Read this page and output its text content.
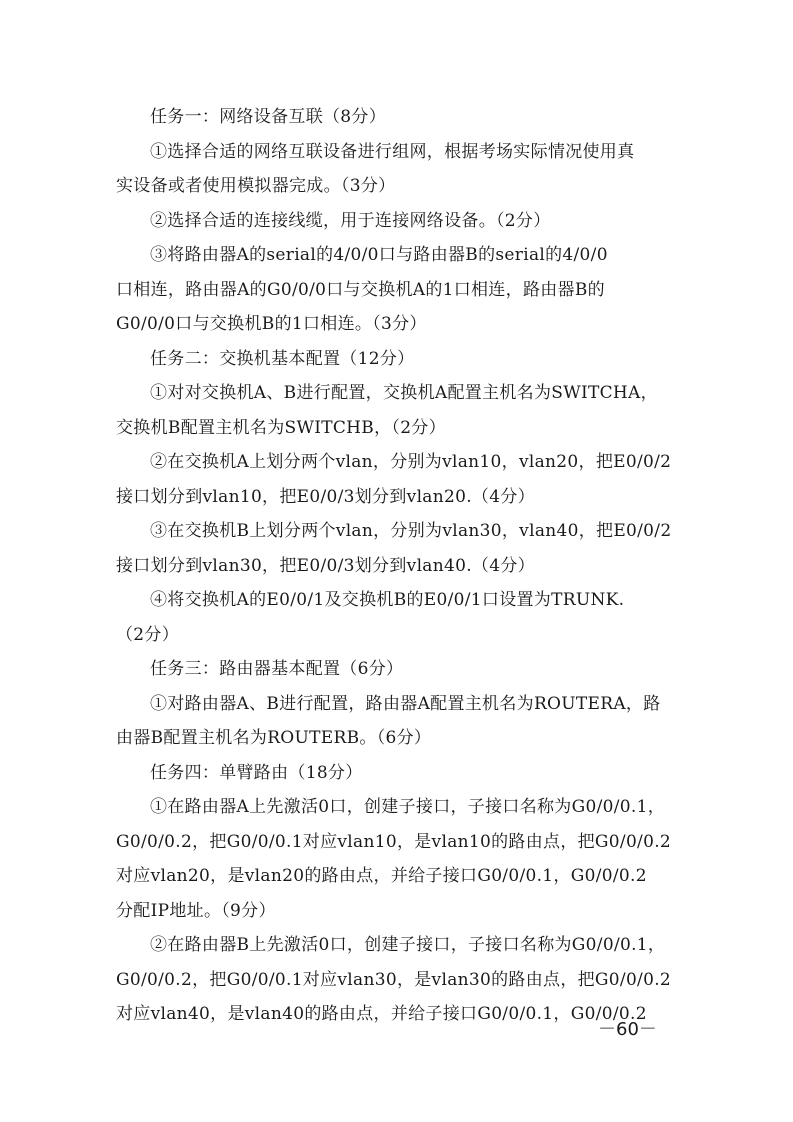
任务一：网络设备互联（8分）
①选择合适的网络互联设备进行组网，根据考场实际情况使用真
实设备或者使用模拟器完成。（3分）
②选择合适的连接线缆，用于连接网络设备。（2分）
③将路由器A的serial的4/0/0口与路由器B的serial的4/0/0
口相连，路由器A的G0/0/0口与交换机A的1口相连，路由器B的
G0/0/0口与交换机B的1口相连。（3分）
任务二：交换机基本配置（12分）
①对对交换机A、B进行配置，交换机A配置主机名为SWITCHA，
交换机B配置主机名为SWITCHB，（2分）
②在交换机A上划分两个vlan，分别为vlan10，vlan20，把E0/0/2
接口划分到vlan10，把E0/0/3划分到vlan20.（4分）
③在交换机B上划分两个vlan，分别为vlan30，vlan40，把E0/0/2
接口划分到vlan30，把E0/0/3划分到vlan40.（4分）
④将交换机A的E0/0/1及交换机B的E0/0/1口设置为TRUNK.
（2分）
任务三：路由器基本配置（6分）
①对路由器A、B进行配置，路由器A配置主机名为ROUTERA，路
由器B配置主机名为ROUTERB。（6分）
任务四：单臂路由（18分）
①在路由器A上先激活0口，创建子接口，子接口名称为G0/0/0.1，
G0/0/0.2，把G0/0/0.1对应vlan10，是vlan10的路由点，把G0/0/0.2
对应vlan20，是vlan20的路由点，并给子接口G0/0/0.1，G0/0/0.2
分配IP地址。（9分）
②在路由器B上先激活0口，创建子接口，子接口名称为G0/0/0.1，
G0/0/0.2，把G0/0/0.1对应vlan30，是vlan30的路由点，把G0/0/0.2
对应vlan40，是vlan40的路由点，并给子接口G0/0/0.1，G0/0/0.2
－60－
